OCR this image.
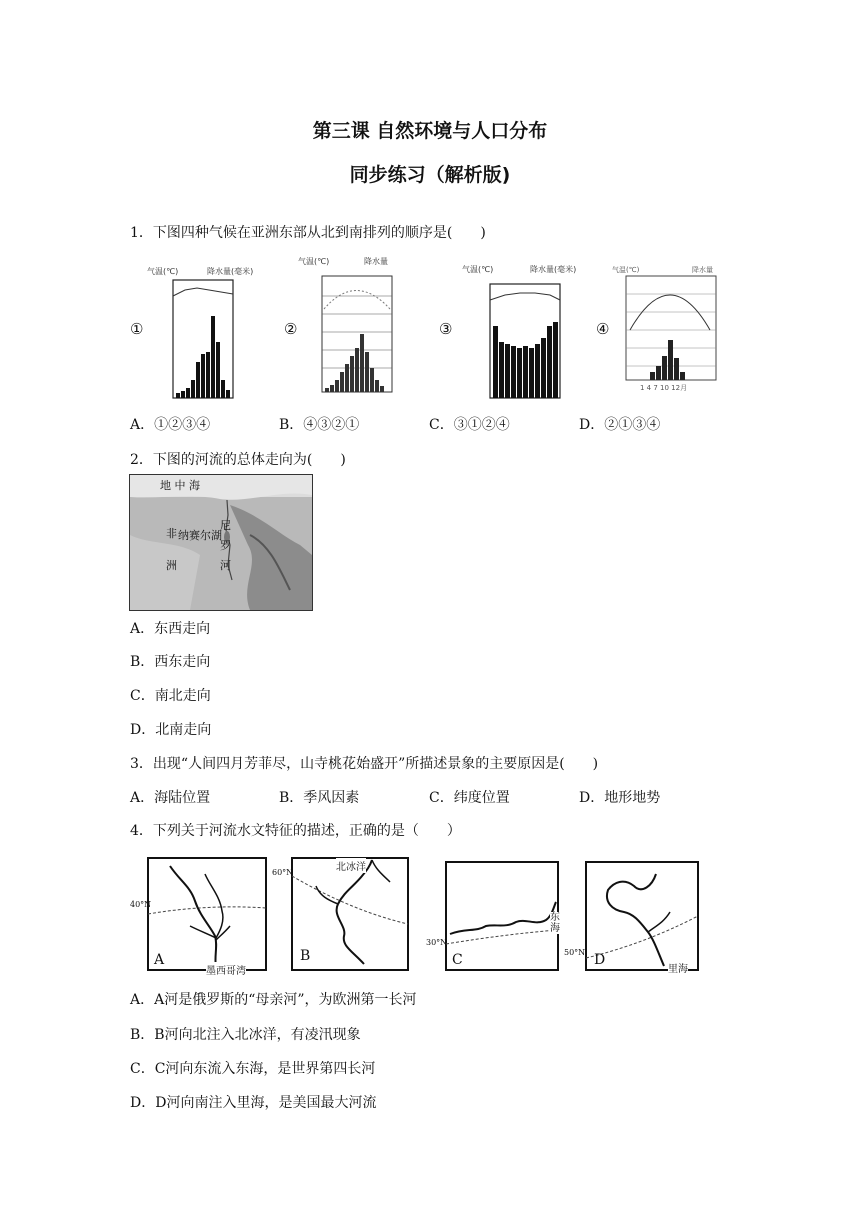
第三课 自然环境与人口分布
同步练习（解析版)
1．下图四种气候在亚洲东部从北到南排列的顺序是(　　)
①	②	③	④
气温(℃)	降水量(毫米)
气温(℃)	降水量
气温(℃)	降水量(毫米)	气温(℃)	降水量
1 4 7 10 12月
A．①②③④	B．④③②①	C．③①②④	D．②①③④
2．下图的河流的总体走向为(　　)
地 中 海
非
洲
纳赛尔湖
尼
罗
河
A．东西走向
B．西东走向
C．南北走向
D．北南走向
3．出现“人间四月芳菲尽，山寺桃花始盛开”所描述景象的主要原因是(　　)
A．海陆位置	B．季风因素	C．纬度位置	D．地形地势
4．下列关于河流水文特征的描述，正确的是（　　）
40°N
A
墨西哥湾
60°N	北冰洋
B
30°N
C
东海
50°N D
里海
A．A河是俄罗斯的“母亲河”，为欧洲第一长河
B．B河向北注入北冰洋，有凌汛现象
C．C河向东流入东海，是世界第四长河
D．D河向南注入里海，是美国最大河流
